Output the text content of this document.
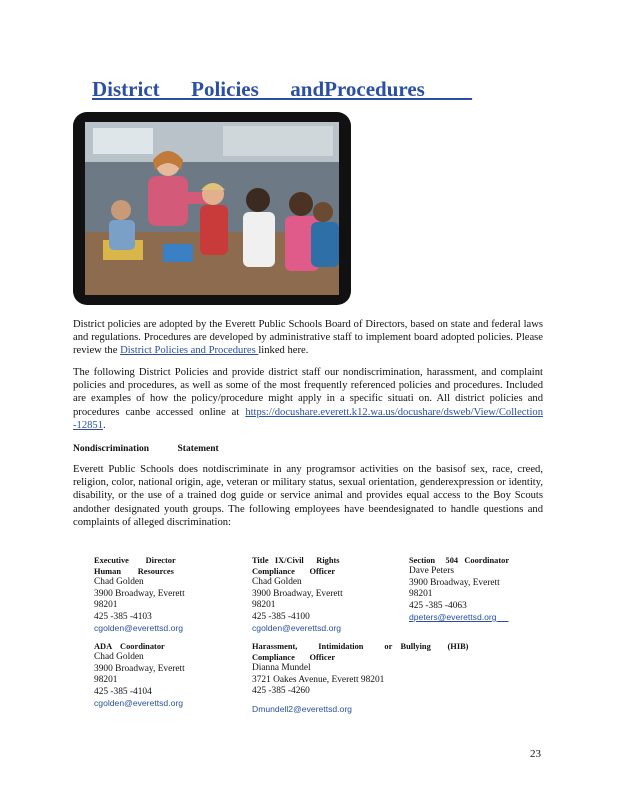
District      Policies      andProcedures

District policies are adopted by the Everett Public Schools Board of Directors, based on state and federal laws and regulations. Procedures are developed by administrative staff to implement board adopted policies. Please review the District Policies and Procedures linked here.

The following District Policies and provide district staff our nondiscrimination, harassment, and complaint policies and procedures, as well as some of the most frequently referenced policies and procedures. Included are examples of how the policy/procedure might apply in a specific situati on. All district policies and procedures canbe accessed online at https://docushare.everett.k12.wa.us/docushare/dsweb/View/Collection -12851.

Nondiscrimination            Statement

Everett Public Schools does notdiscriminate in any programsor activities on the basisof sex, race, creed, religion, color, national origin, age, veteran or military status, sexual orientation, genderexpression or identity, disability, or the use of a trained dog guide or service animal and provides equal access to the Boy Scouts andother designated youth groups. The following employees have beendesignated to handle questions and complaints of alleged discrimination:

Executive        Director
Human        Resources
Chad Golden
3900 Broadway, Everett
98201
425 -385 -4103
cgolden@everettsd.org
Title   IX/Civil      Rights
Compliance       Officer
Chad Golden
3900 Broadway, Everett
98201
425 -385 -4100
cgolden@everettsd.org
Section     504   Coordinator
Dave Peters
3900 Broadway, Everett
98201
425 -385 -4063
dpeters@everettsd.org
ADA    Coordinator
Chad Golden
3900 Broadway, Everett
98201
425 -385 -4104
cgolden@everettsd.org
Harassment,          Intimidation          or    Bullying        (HIB)
Compliance       Officer
Dianna Mundel
3721 Oakes Avenue, Everett 98201
425 -385 -4260
Dmundell2@everettsd.org
23
